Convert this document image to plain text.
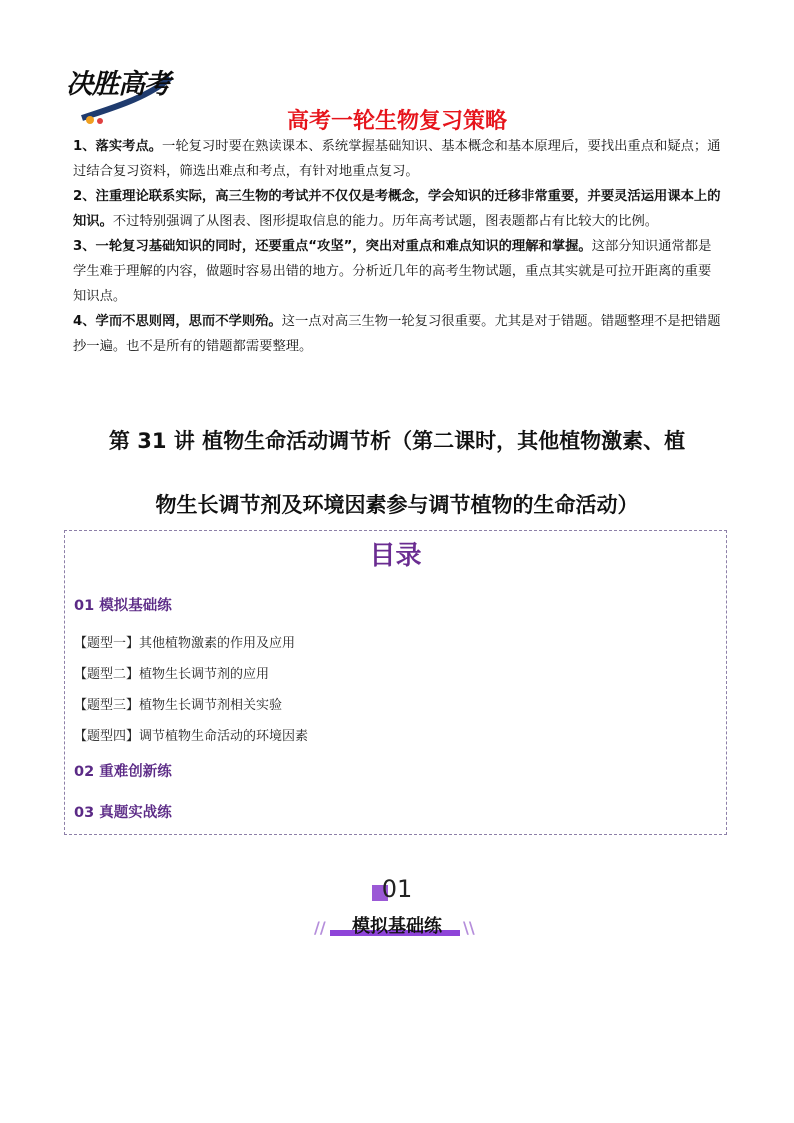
决胜高考
高考一轮生物复习策略

1、落实考点。一轮复习时要在熟读课本、系统掌握基础知识、基本概念和基本原理后，要找出重点和疑点；通过结合复习资料，筛选出难点和考点，有针对地重点复习。

2、注重理论联系实际，高三生物的考试并不仅仅是考概念，学会知识的迁移非常重要，并要灵活运用课本上的知识。不过特别强调了从图表、图形提取信息的能力。历年高考试题，图表题都占有比较大的比例。

3、一轮复习基础知识的同时，还要重点“攻坚”，突出对重点和难点知识的理解和掌握。这部分知识通常都是学生难于理解的内容，做题时容易出错的地方。分析近几年的高考生物试题，重点其实就是可拉开距离的重要知识点。

4、学而不思则罔，思而不学则殆。这一点对高三生物一轮复习很重要。尤其是对于错题。错题整理不是把错题抄一遍。也不是所有的错题都需要整理。

第 31 讲 植物生命活动调节析（第二课时，其他植物激素、植
物生长调节剂及环境因素参与调节植物的生命活动）
目录
01 模拟基础练
【题型一】其他植物激素的作用及应用
【题型二】植物生长调节剂的应用
【题型三】植物生长调节剂相关实验
【题型四】调节植物生命活动的环境因素
02 重难创新练
03 真题实战练
01
模拟基础练
//	\\
